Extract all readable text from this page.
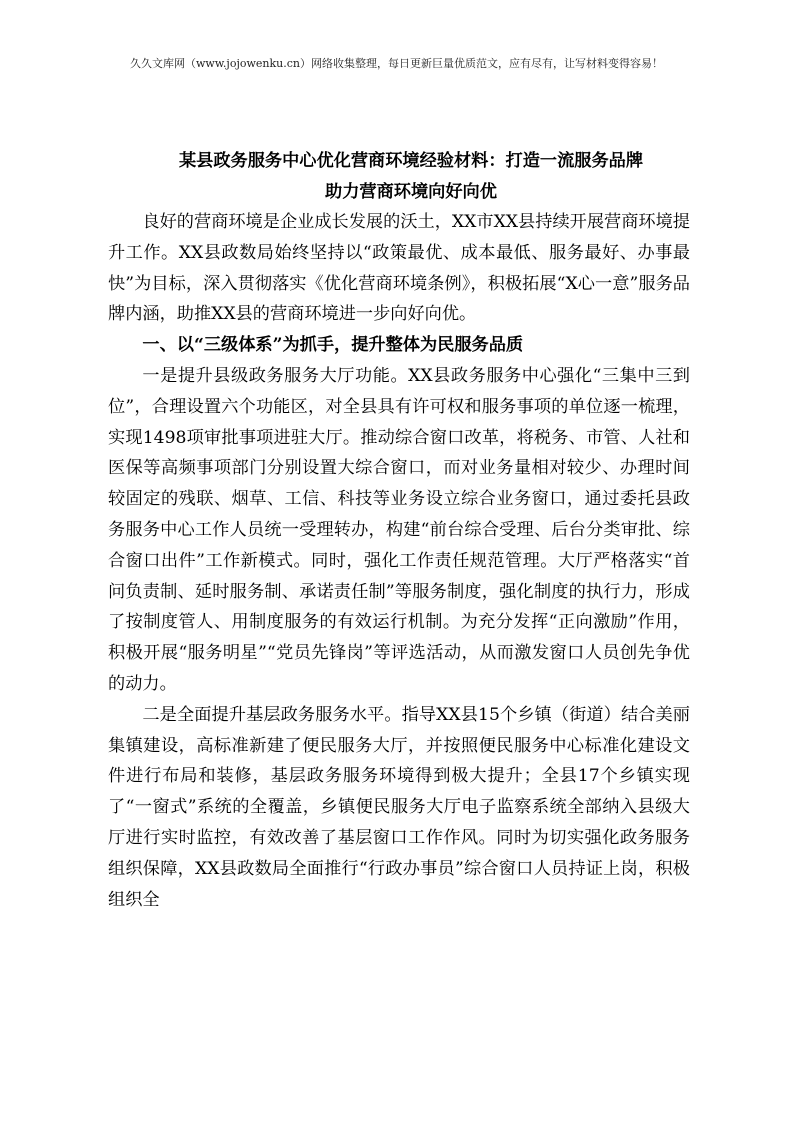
久久文库网（www.jojowenku.cn）网络收集整理，每日更新巨量优质范文，应有尽有，让写材料变得容易！

某县政务服务中心优化营商环境经验材料：打造一流服务品牌

助力营商环境向好向优

良好的营商环境是企业成长发展的沃土，XX市XX县持续开展营商环境提升工作。XX县政数局始终坚持以“政策最优、成本最低、服务最好、办事最快”为目标，深入贯彻落实《优化营商环境条例》，积极拓展“X心一意”服务品牌内涵，助推XX县的营商环境进一步向好向优。

一、以“三级体系”为抓手，提升整体为民服务品质

一是提升县级政务服务大厅功能。XX县政务服务中心强化“三集中三到位”，合理设置六个功能区，对全县具有许可权和服务事项的单位逐一梳理，实现1498项审批事项进驻大厅。推动综合窗口改革，将税务、市管、人社和医保等高频事项部门分别设置大综合窗口，而对业务量相对较少、办理时间较固定的残联、烟草、工信、科技等业务设立综合业务窗口，通过委托县政务服务中心工作人员统一受理转办，构建“前台综合受理、后台分类审批、综合窗口出件”工作新模式。同时，强化工作责任规范管理。大厅严格落实“首问负责制、延时服务制、承诺责任制”等服务制度，强化制度的执行力，形成了按制度管人、用制度服务的有效运行机制。为充分发挥“正向激励”作用，积极开展“服务明星”“党员先锋岗”等评选活动，从而激发窗口人员创先争优的动力。

二是全面提升基层政务服务水平。指导XX县15个乡镇（街道）结合美丽集镇建设，高标准新建了便民服务大厅，并按照便民服务中心标准化建设文件进行布局和装修，基层政务服务环境得到极大提升；全县17个乡镇实现了“一窗式”系统的全覆盖，乡镇便民服务大厅电子监察系统全部纳入县级大厅进行实时监控，有效改善了基层窗口工作作风。同时为切实强化政务服务组织保障，XX县政数局全面推行“行政办事员”综合窗口人员持证上岗，积极组织全
